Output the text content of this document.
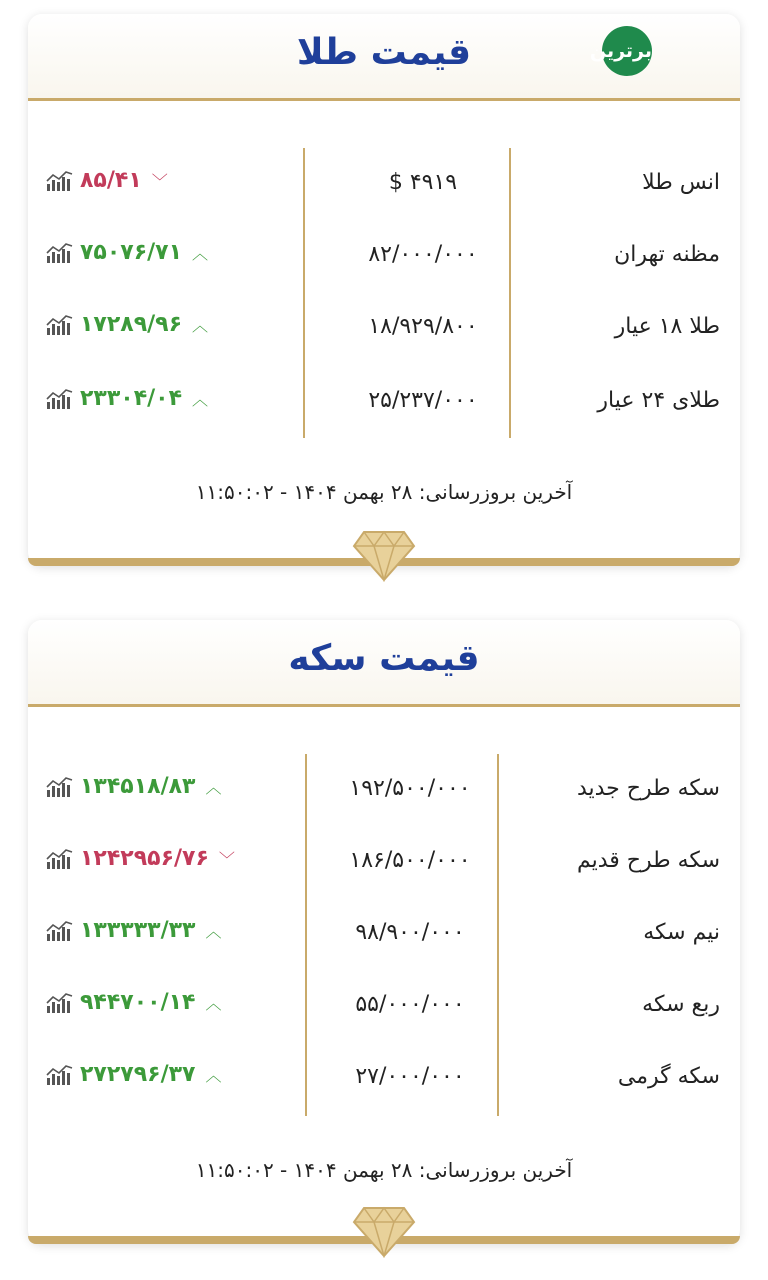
قیمت طلا	برترین
انس طلا
$ ۴۹۱۹
۸۵/۴۱ ﹀
مظنه تهران
۸۲/۰۰۰/۰۰۰
۷۵۰۷۶/۷۱ ︿
طلا ۱۸ عیار
۱۸/۹۲۹/۸۰۰
۱۷۲۸۹/۹۶ ︿
طلای ۲۴ عیار
۲۵/۲۳۷/۰۰۰
۲۳۳۰۴/۰۴ ︿
آخرین بروزرسانی: ۲۸ بهمن ۱۴۰۴ - ۱۱:۵۰:۰۲
قیمت سکه
سکه طرح جدید
۱۹۲/۵۰۰/۰۰۰
۱۳۴۵۱۸/۸۳ ︿
سکه طرح قدیم
۱۸۶/۵۰۰/۰۰۰
۱۲۴۲۹۵۶/۷۶ ﹀
نیم سکه
۹۸/۹۰۰/۰۰۰
۱۳۳۳۳۳/۳۳ ︿
ربع سکه
۵۵/۰۰۰/۰۰۰
۹۴۴۷۰۰/۱۴ ︿
سکه گرمی
۲۷/۰۰۰/۰۰۰
۲۷۲۷۹۶/۳۷ ︿
آخرین بروزرسانی: ۲۸ بهمن ۱۴۰۴ - ۱۱:۵۰:۰۲
